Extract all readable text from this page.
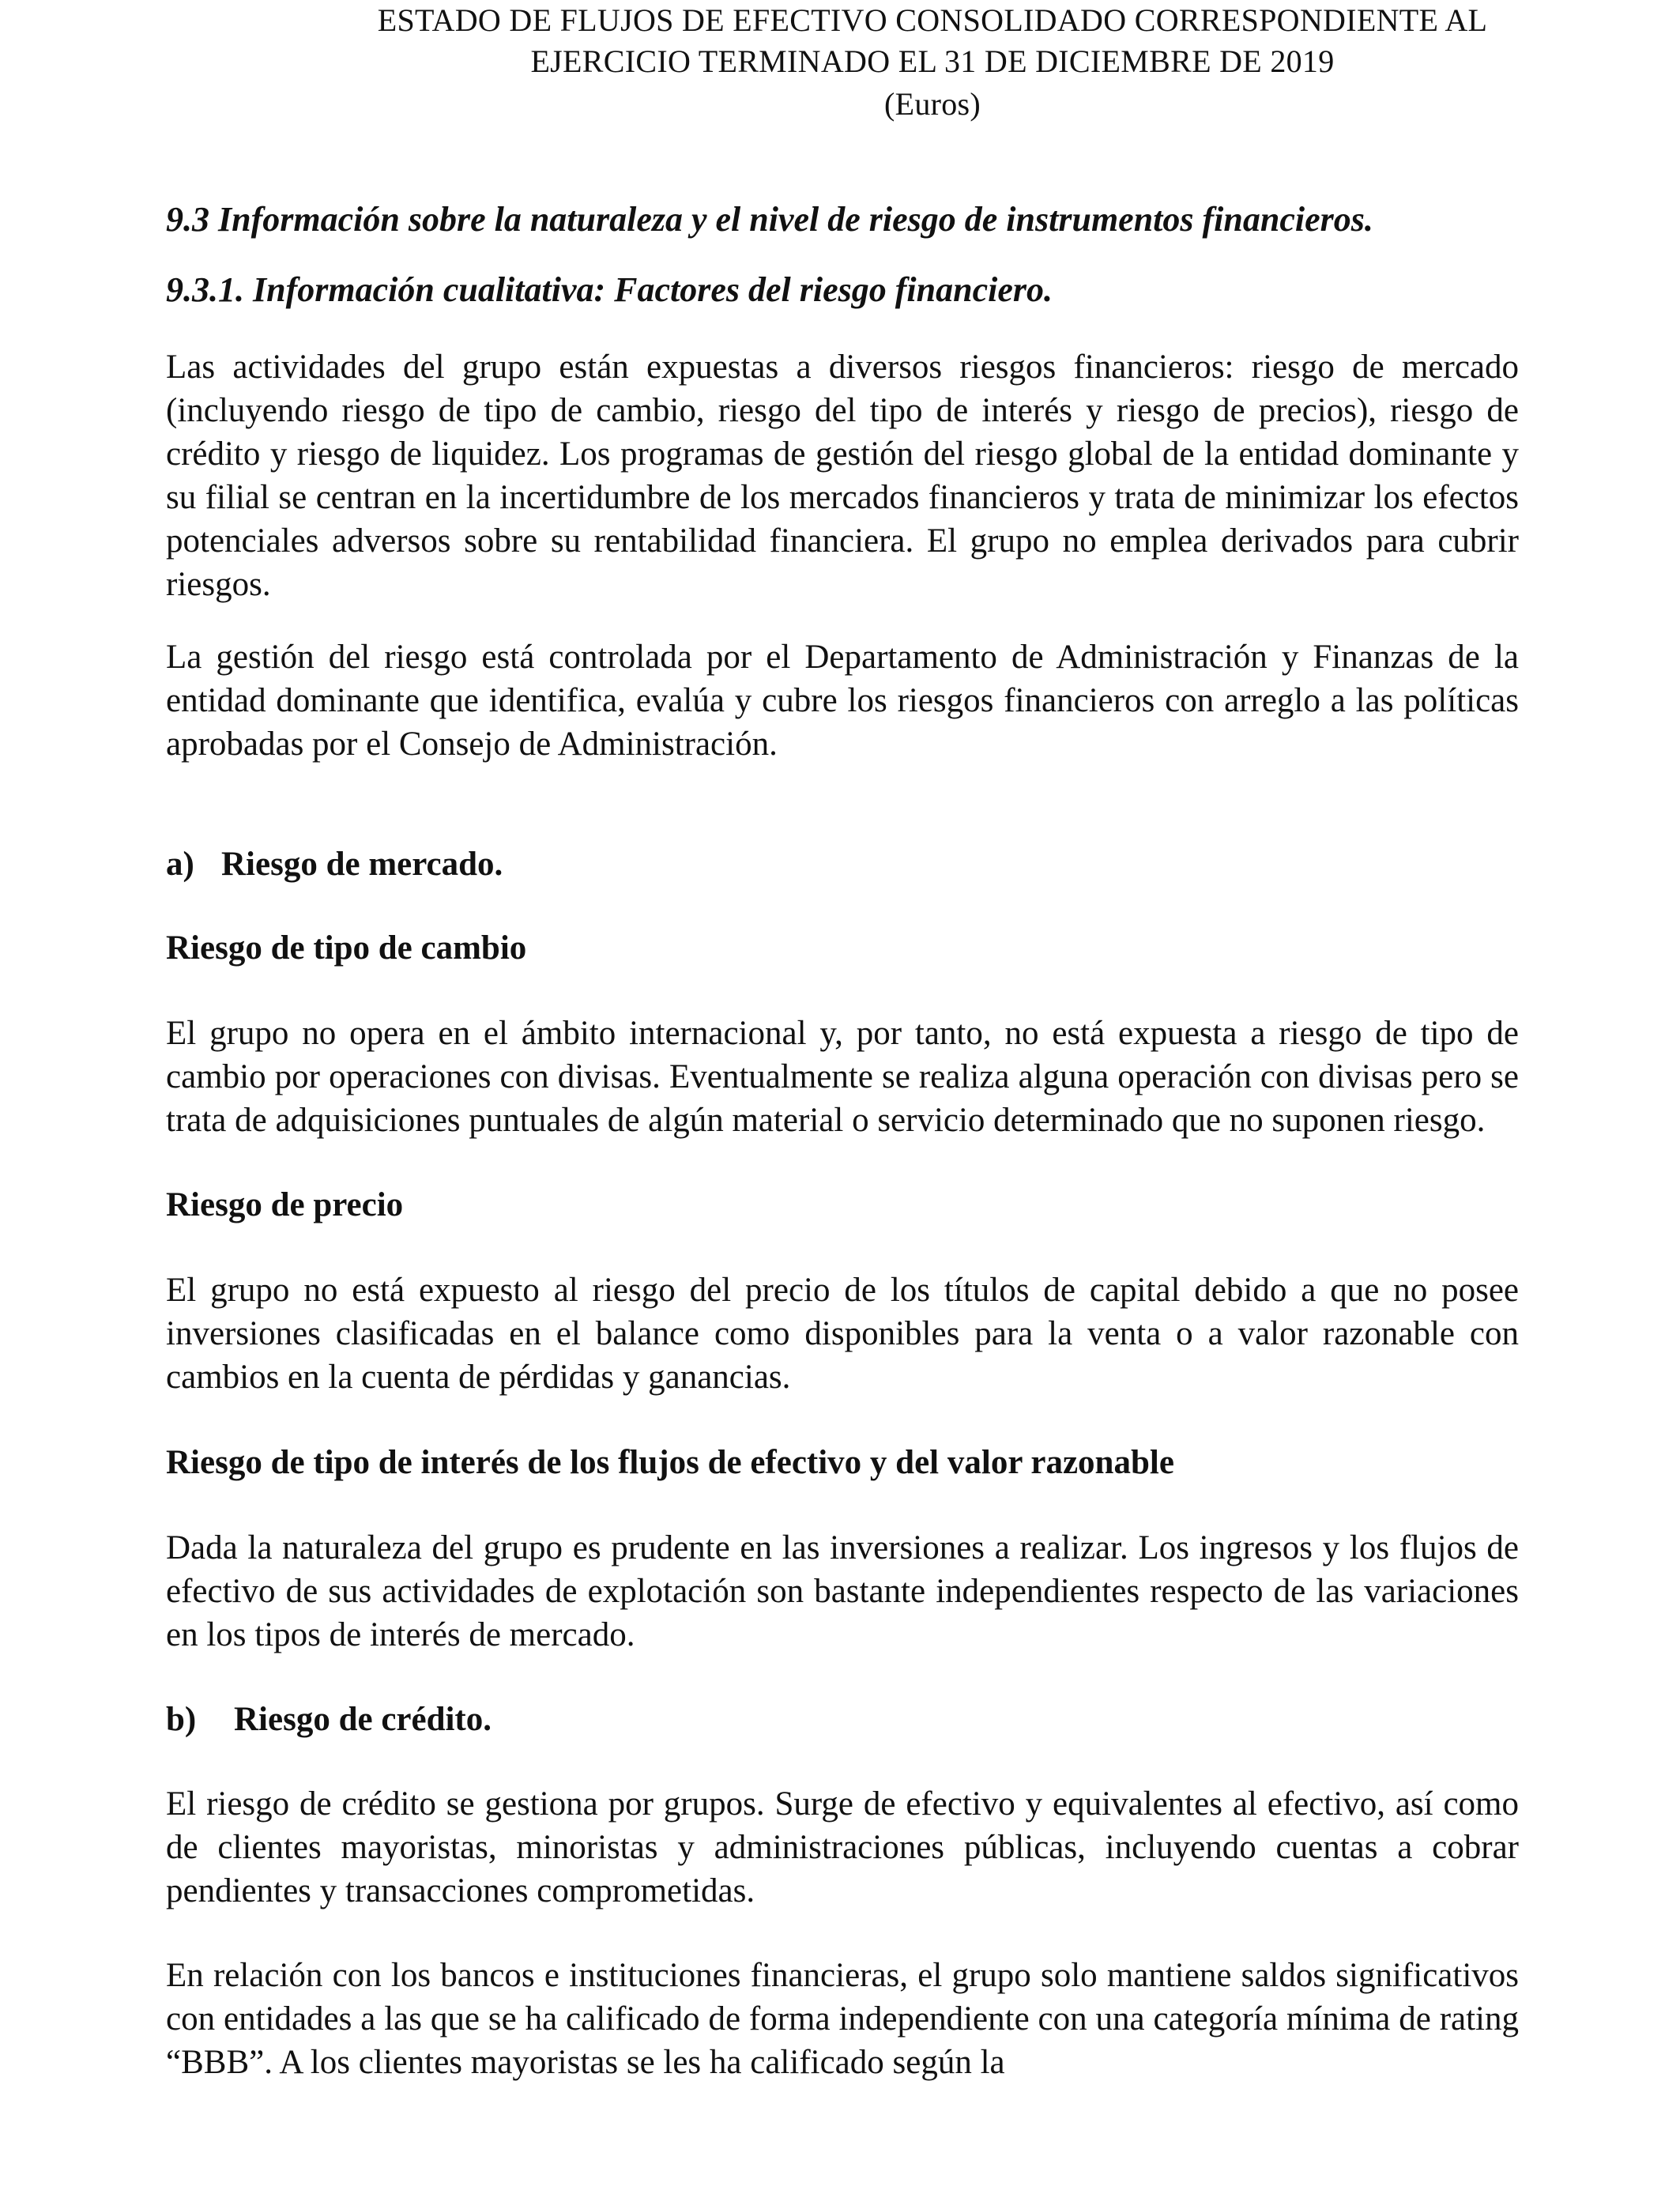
ESTADO DE FLUJOS DE EFECTIVO CONSOLIDADO CORRESPONDIENTE AL
EJERCICIO TERMINADO EL 31 DE DICIEMBRE DE 2019
(Euros)

9.3 Información sobre la naturaleza y el nivel de riesgo de instrumentos financieros.

9.3.1. Información cualitativa: Factores del riesgo financiero.

Las actividades del grupo están expuestas a diversos riesgos financieros: riesgo de mercado (incluyendo riesgo de tipo de cambio, riesgo del tipo de interés y riesgo de precios), riesgo de crédito y riesgo de liquidez. Los programas de gestión del riesgo global de la entidad dominante y su filial se centran en la incertidumbre de los mercados financieros y trata de minimizar los efectos potenciales adversos sobre su rentabilidad financiera. El grupo no emplea derivados para cubrir riesgos.

La gestión del riesgo está controlada por el Departamento de Administración y Finanzas de la entidad dominante que identifica, evalúa y cubre los riesgos financieros con arreglo a las políticas aprobadas por el Consejo de Administración.

a) Riesgo de mercado.

Riesgo de tipo de cambio

El grupo no opera en el ámbito internacional y, por tanto, no está expuesta a riesgo de tipo de cambio por operaciones con divisas. Eventualmente se realiza alguna operación con divisas pero se trata de adquisiciones puntuales de algún material o servicio determinado que no suponen riesgo.

Riesgo de precio

El grupo no está expuesto al riesgo del precio de los títulos de capital debido a que no posee inversiones clasificadas en el balance como disponibles para la venta o a valor razonable con cambios en la cuenta de pérdidas y ganancias.

Riesgo de tipo de interés de los flujos de efectivo y del valor razonable

Dada la naturaleza del grupo es prudente en las inversiones a realizar. Los ingresos y los flujos de efectivo de sus actividades de explotación son bastante independientes respecto de las variaciones en los tipos de interés de mercado.

b) Riesgo de crédito.

El riesgo de crédito se gestiona por grupos. Surge de efectivo y equivalentes al efectivo, así como de clientes mayoristas, minoristas y administraciones públicas, incluyendo cuentas a cobrar pendientes y transacciones comprometidas.

En relación con los bancos e instituciones financieras, el grupo solo mantiene saldos significativos con entidades a las que se ha calificado de forma independiente con una categoría mínima de rating “BBB”. A los clientes mayoristas se les ha calificado según la
